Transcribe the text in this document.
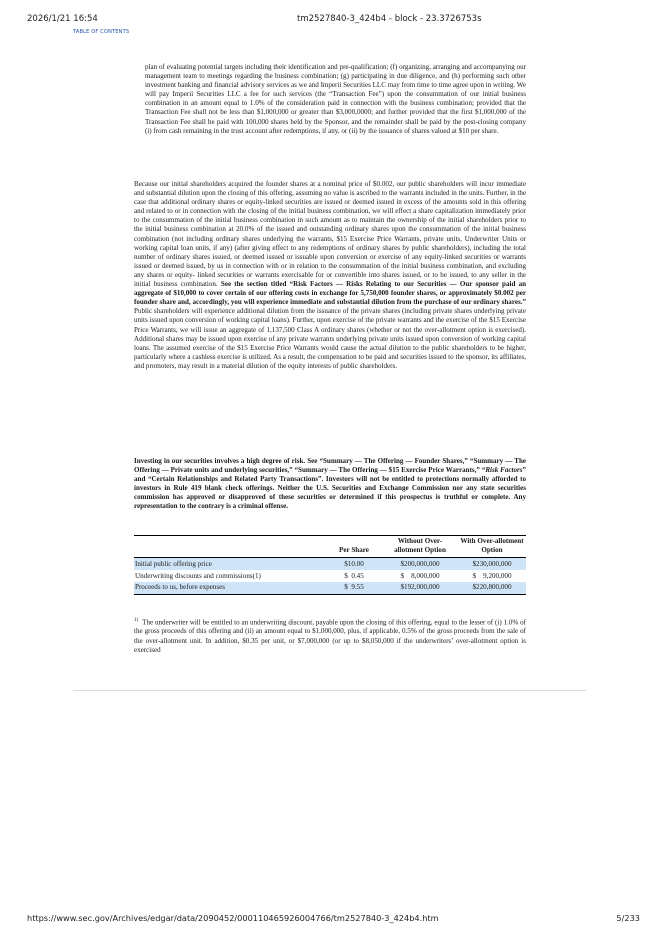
2026/1/21 16:54	tm2527840-3_424b4 - block - 23.3726753s
TABLE OF CONTENTS
plan of evaluating potential targets including their identification and pre-qualification; (f) organizing, arranging and accompanying our management team to meetings regarding the business combination; (g) participating in due diligence, and (h) performing such other investment banking and financial advisory services as we and Imperii Securities LLC may from time to time agree upon in writing. We will pay Imperii Securities LLC a fee for such services (the “Transaction Fee”) upon the consummation of our initial business combination in an amount equal to 1.0% of the consideration paid in connection with the business combination; provided that the Transaction Fee shall not be less than $1,000,000 or greater than $3,000,0000; and further provided that the first $1,000,000 of the Transaction Fee shall be paid with 100,000 shares held by the Sponsor, and the remainder shall be paid by the post-closing company (i) from cash remaining in the trust account after redemptions, if any, or (ii) by the issuance of shares valued at $10 per share.
Because our initial shareholders acquired the founder shares at a nominal price of $0.002, our public shareholders will incur immediate and substantial dilution upon the closing of this offering, assuming no value is ascribed to the warrants included in the units. Further, in the case that additional ordinary shares or equity-linked securities are issued or deemed issued in excess of the amounts sold in this offering and related to or in connection with the closing of the initial business combination, we will effect a share capitalization immediately prior to the consummation of the initial business combination in such amount as to maintain the ownership of the initial shareholders prior to the initial business combination at 20.0% of the issued and outstanding ordinary shares upon the consummation of the initial business combination (not including ordinary shares underlying the warrants, $15 Exercise Price Warrants, private units, Underwriter Units or working capital loan units, if any) (after giving effect to any redemptions of ordinary shares by public shareholders), including the total number of ordinary shares issued, or deemed issued or issuable upon conversion or exercise of any equity-linked securities or warrants issued or deemed issued, by us in connection with or in relation to the consummation of the initial business combination, and excluding any shares or equity- linked securities or warrants exercisable for or convertible into shares issued, or to be issued, to any seller in the initial business combination. See the section titled “Risk Factors — Risks Relating to our Securities — Our sponsor paid an aggregate of $10,000 to cover certain of our offering costs in exchange for 5,750,000 founder shares, or approximately $0.002 per founder share and, accordingly, you will experience immediate and substantial dilution from the purchase of our ordinary shares.” Public shareholders will experience additional dilution from the issuance of the private shares (including private shares underlying private units issued upon conversion of working capital loans). Further, upon exercise of the private warrants and the exercise of the $15 Exercise Price Warrants, we will issue an aggregate of 1,137,500 Class A ordinary shares (whether or not the over-allotment option is exercised). Additional shares may be issued upon exercise of any private warrants underlying private units issued upon conversion of working capital loans. The assumed exercise of the $15 Exercise Price Warrants would cause the actual dilution to the public shareholders to be higher, particularly where a cashless exercise is utilized. As a result, the compensation to be paid and securities issued to the sponsor, its affiliates, and promoters, may result in a material dilution of the equity interests of public shareholders.
Investing in our securities involves a high degree of risk. See “Summary — The Offering — Founder Shares,” “Summary — The Offering — Private units and underlying securities,” “Summary — The Offering — $15 Exercise Price Warrants,” “Risk Factors” and “Certain Relationships and Related Party Transactions”. Investors will not be entitled to protections normally afforded to investors in Rule 419 blank check offerings. Neither the U.S. Securities and Exchange Commission nor any state securities commission has approved or disapproved of these securities or determined if this prospectus is truthful or complete. Any representation to the contrary is a criminal offense.
	Per Share	Without Over-allotment Option	With Over-allotment Option
Initial public offering price	$10.00	$200,000,000	$230,000,000
Underwriting discounts and commissions(1)	$  0.45	$    8,000,000	$    9,200,000
Proceeds to us, before expenses	$  9.55	$192,000,000	$220,800,000
$^{1)}$ The underwriter will be entitled to an underwriting discount, payable upon the closing of this offering, equal to the lesser of (i) 1.0% of the gross proceeds of this offering and (ii) an amount equal to $1,000,000, plus, if applicable, 0.5% of the gross proceeds from the sale of the over-allotment unit. In addition, $0.35 per unit, or $7,000,000 (or up to $8,050,000 if the underwriters’ over-allotment option is exercised
https://www.sec.gov/Archives/edgar/data/2090452/000110465926004766/tm2527840-3_424b4.htm	5/233
